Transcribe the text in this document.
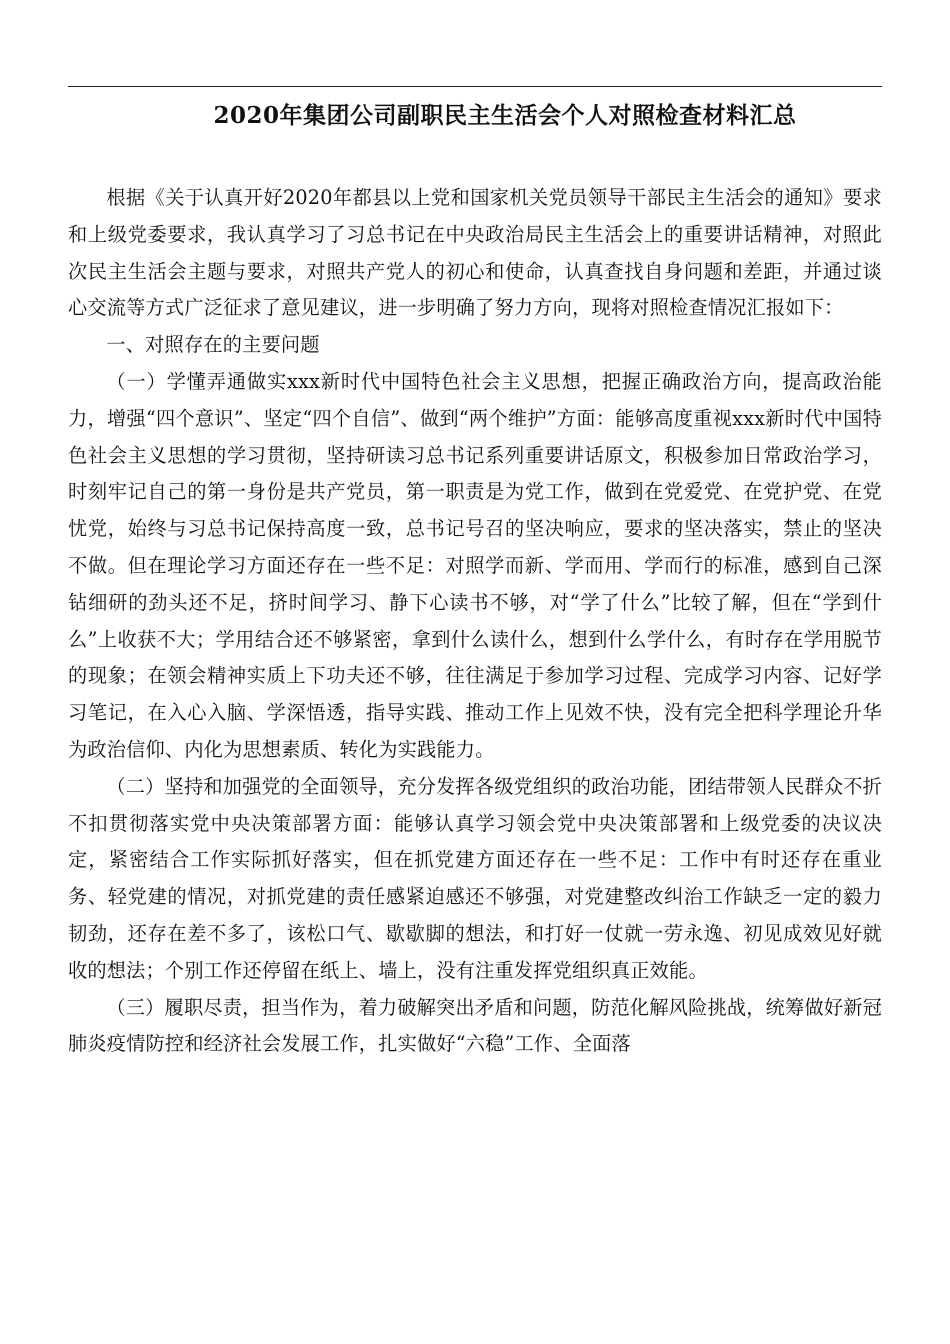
2020年集团公司副职民主生活会个人对照检查材料汇总

根据《关于认真开好2020年都县以上党和国家机关党员领导干部民主生活会的通知》要求和上级党委要求，我认真学习了习总书记在中央政治局民主生活会上的重要讲话精神，对照此次民主生活会主题与要求，对照共产党人的初心和使命，认真查找自身问题和差距，并通过谈心交流等方式广泛征求了意见建议，进一步明确了努力方向，现将对照检查情况汇报如下：

一、对照存在的主要问题

（一）学懂弄通做实xxx新时代中国特色社会主义思想，把握正确政治方向，提高政治能力，增强“四个意识”、坚定“四个自信”、做到“两个维护”方面：能够高度重视xxx新时代中国特色社会主义思想的学习贯彻，坚持研读习总书记系列重要讲话原文，积极参加日常政治学习，时刻牢记自己的第一身份是共产党员，第一职责是为党工作，做到在党爱党、在党护党、在党忧党，始终与习总书记保持高度一致，总书记号召的坚决响应，要求的坚决落实，禁止的坚决不做。但在理论学习方面还存在一些不足：对照学而新、学而用、学而行的标准，感到自己深钻细研的劲头还不足，挤时间学习、静下心读书不够，对“学了什么”比较了解，但在“学到什么”上收获不大；学用结合还不够紧密，拿到什么读什么，想到什么学什么，有时存在学用脱节的现象；在领会精神实质上下功夫还不够，往往满足于参加学习过程、完成学习内容、记好学习笔记，在入心入脑、学深悟透，指导实践、推动工作上见效不快，没有完全把科学理论升华为政治信仰、内化为思想素质、转化为实践能力。

（二）坚持和加强党的全面领导，充分发挥各级党组织的政治功能，团结带领人民群众不折不扣贯彻落实党中央决策部署方面：能够认真学习领会党中央决策部署和上级党委的决议决定，紧密结合工作实际抓好落实，但在抓党建方面还存在一些不足：工作中有时还存在重业务、轻党建的情况，对抓党建的责任感紧迫感还不够强，对党建整改纠治工作缺乏一定的毅力韧劲，还存在差不多了，该松口气、歇歇脚的想法，和打好一仗就一劳永逸、初见成效见好就收的想法；个别工作还停留在纸上、墙上，没有注重发挥党组织真正效能。

（三）履职尽责，担当作为，着力破解突出矛盾和问题，防范化解风险挑战，统筹做好新冠肺炎疫情防控和经济社会发展工作，扎实做好“六稳”工作、全面落
